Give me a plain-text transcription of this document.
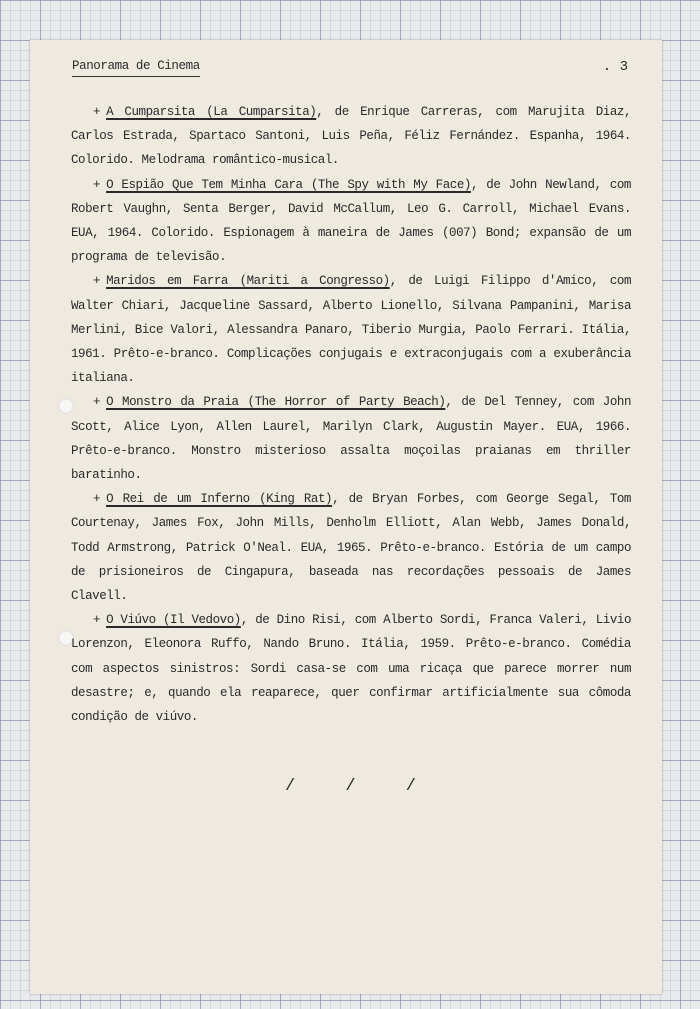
Panorama de Cinema	. 3

+ A Cumparsita (La Cumparsita), de Enrique Carreras, com Marujita Diaz, Carlos Estrada, Spartaco Santoni, Luis Peña, Féliz Fernández. Espanha, 1964. Colorido. Melodrama romântico-musical.

+ O Espião Que Tem Minha Cara (The Spy with My Face), de John Newland, com Robert Vaughn, Senta Berger, David McCallum, Leo G. Carroll, Michael Evans. EUA, 1964. Colorido. Espionagem à maneira de James (007) Bond; expansão de um programa de televisão.

+ Maridos em Farra (Mariti a Congresso), de Luigi Filippo d'Amico, com Walter Chiari, Jacqueline Sassard, Alberto Lionello, Silvana Pampanini, Marisa Merlini, Bice Valori, Alessandra Panaro, Tiberio Murgia, Paolo Ferrari. Itália, 1961. Prêto-e-branco. Complicações conjugais e extraconjugais com a exuberância italiana.

+ O Monstro da Praia (The Horror of Party Beach), de Del Tenney, com John Scott, Alice Lyon, Allen Laurel, Marilyn Clark, Augustin Mayer. EUA, 1966. Prêto-e-branco. Monstro misterioso assalta moçoilas praianas em thriller baratinho.

+ O Rei de um Inferno (King Rat), de Bryan Forbes, com George Segal, Tom Courtenay, James Fox, John Mills, Denholm Elliott, Alan Webb, James Donald, Todd Armstrong, Patrick O'Neal. EUA, 1965. Prêto-e-branco. Estória de um campo de prisioneiros de Cingapura, baseada nas recordações pessoais de James Clavell.

+ O Viúvo (Il Vedovo), de Dino Risi, com Alberto Sordi, Franca Valeri, Livio Lorenzon, Eleonora Ruffo, Nando Bruno. Itália, 1959. Prêto-e-branco. Comédia com aspectos sinistros: Sordi casa-se com uma ricaça que parece morrer num desastre; e, quando ela reaparece, quer confirmar artificialmente sua cômoda condição de viúvo.

/ / /
